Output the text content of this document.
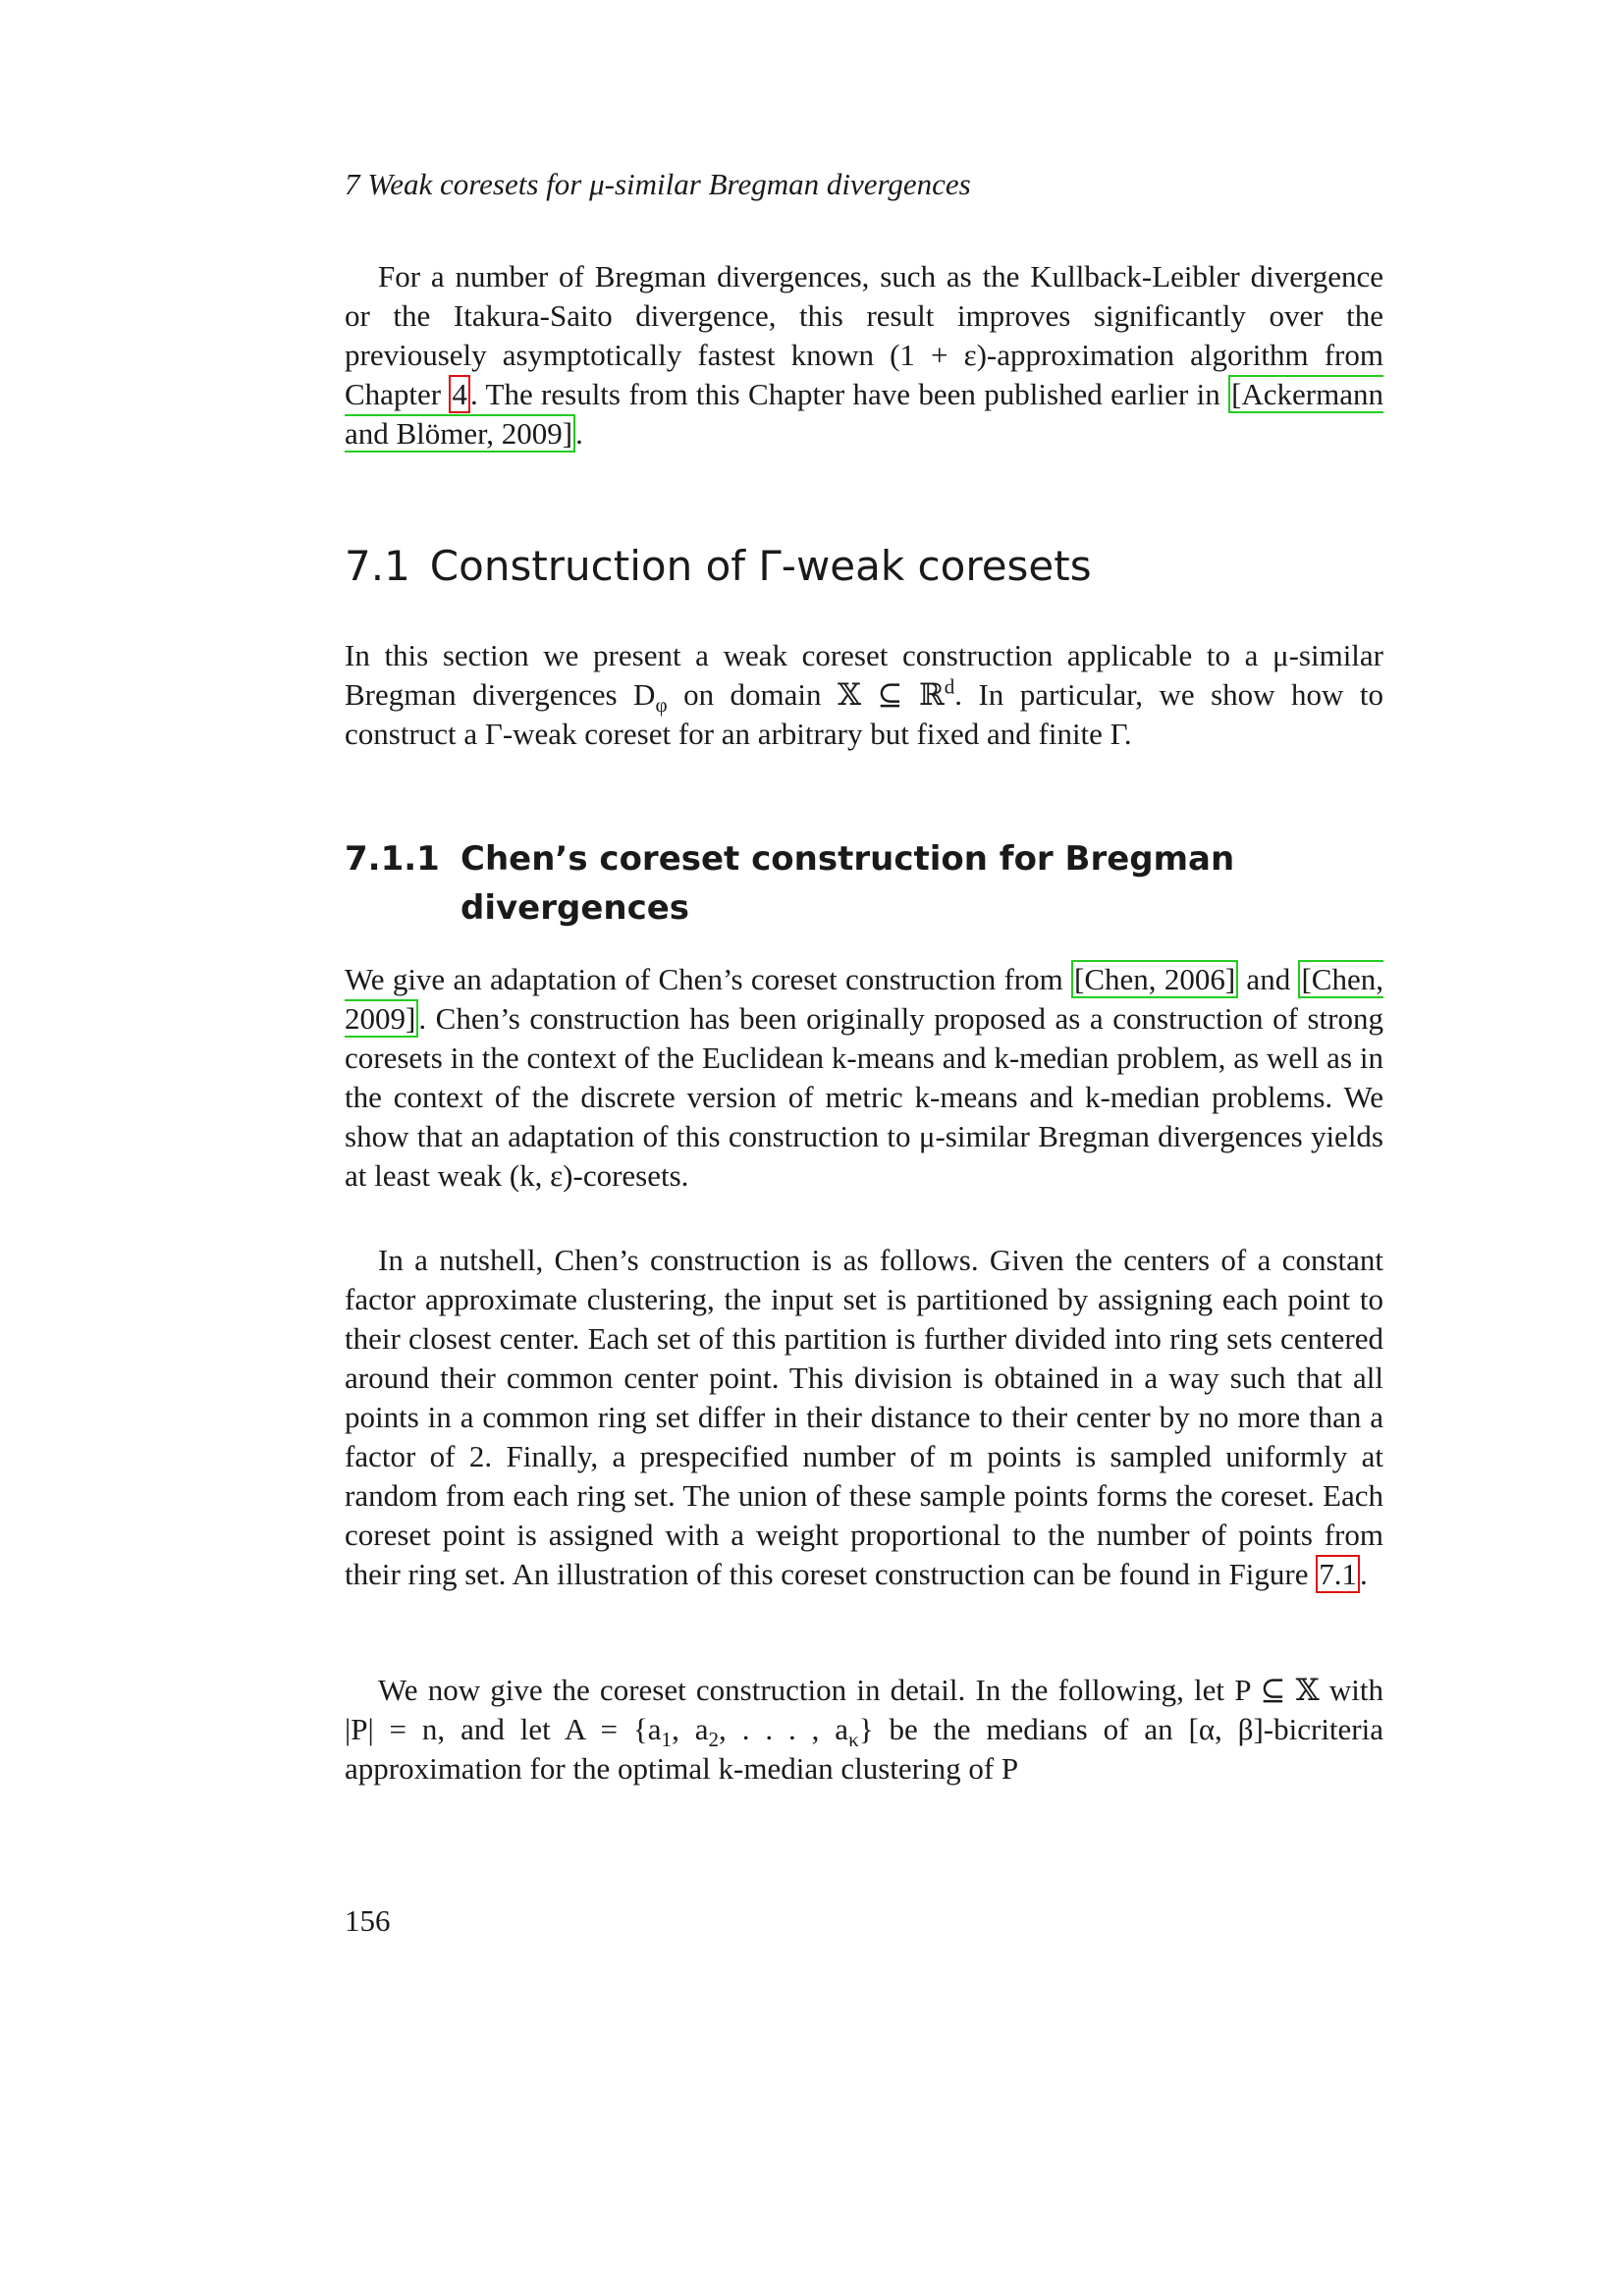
7 Weak coresets for μ-similar Bregman divergences

For a number of Bregman divergences, such as the Kullback-Leibler divergence or the Itakura-Saito divergence, this result improves significantly over the previousely asymptotically fastest known (1 + ε)-approximation algorithm from Chapter 4. The results from this Chapter have been published earlier in [Ackermann and Blömer, 2009].

7.1 Construction of Γ-weak coresets

In this section we present a weak coreset construction applicable to a μ-similar Bregman divergences $D_\varphi$ on domain 𝕏 ⊆ ℝ$^d$. In particular, we show how to construct a Γ-weak coreset for an arbitrary but fixed and finite Γ.

7.1.1 Chen’s coreset construction for Bregman divergences

We give an adaptation of Chen’s coreset construction from [Chen, 2006] and [Chen, 2009]. Chen’s construction has been originally proposed as a construction of strong coresets in the context of the Euclidean k-means and k-median problem, as well as in the context of the discrete version of metric k-means and k-median problems. We show that an adaptation of this construction to μ-similar Bregman divergences yields at least weak (k, ε)-coresets.

In a nutshell, Chen’s construction is as follows. Given the centers of a constant factor approximate clustering, the input set is partitioned by assigning each point to their closest center. Each set of this partition is further divided into ring sets centered around their common center point. This division is obtained in a way such that all points in a common ring set differ in their distance to their center by no more than a factor of 2. Finally, a prespecified number of m points is sampled uniformly at random from each ring set. The union of these sample points forms the coreset. Each coreset point is assigned with a weight proportional to the number of points from their ring set. An illustration of this coreset construction can be found in Figure 7.1.

We now give the coreset construction in detail. In the following, let P ⊆ 𝕏 with |P| = n, and let $A = \{a_1$, $a_2$, . . . , $a_\kappa$} be the medians of an [α, β]-bicriteria approximation for the optimal k-median clustering of P

156
